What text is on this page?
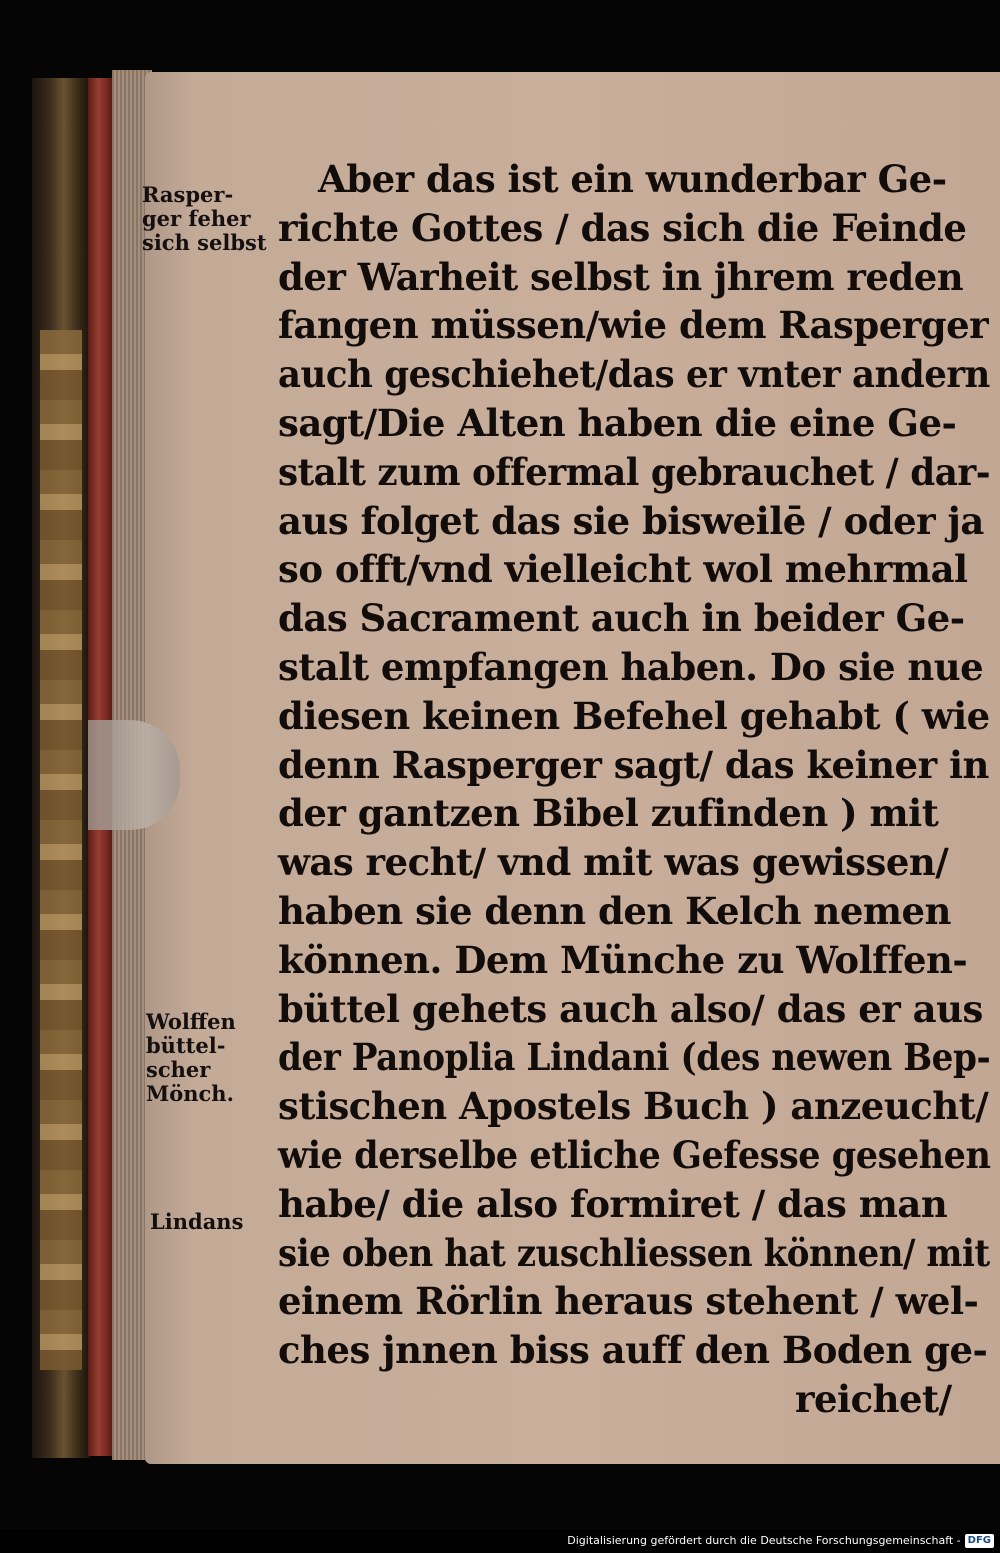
Rasper-
ger feher
sich selbst
Wolffen
büttel-
scher
Mönch.
Lindans
Aber das ist ein wunderbar Ge-
richte Gottes / das sich die Feinde
der Warheit selbst in jhrem reden
fangen müssen/wie dem Rasperger
auch geschiehet/das er vnter andern
sagt/Die Alten haben die eine Ge-
stalt zum offermal gebrauchet / dar-
aus folget das sie bisweilē / oder ja
so offt/vnd vielleicht wol mehrmal
das Sacrament auch in beider Ge-
stalt empfangen haben. Do sie nue
diesen keinen Befehel gehabt ( wie
denn Rasperger sagt/ das keiner in
der gantzen Bibel zufinden ) mit
was recht/ vnd mit was gewissen/
haben sie denn den Kelch nemen
können. Dem Münche zu Wolffen-
büttel gehets auch also/ das er aus
der Panoplia Lindani (des newen Bep-
stischen Apostels Buch ) anzeucht/
wie derselbe etliche Gefesse gesehen
habe/ die also formiret / das man
sie oben hat zuschliessen können/ mit
einem Rörlin heraus stehent / wel-
ches jnnen biss auff den Boden ge-
reichet/
Digitalisierung gefördert durch die Deutsche Forschungsgemeinschaft - DFG
